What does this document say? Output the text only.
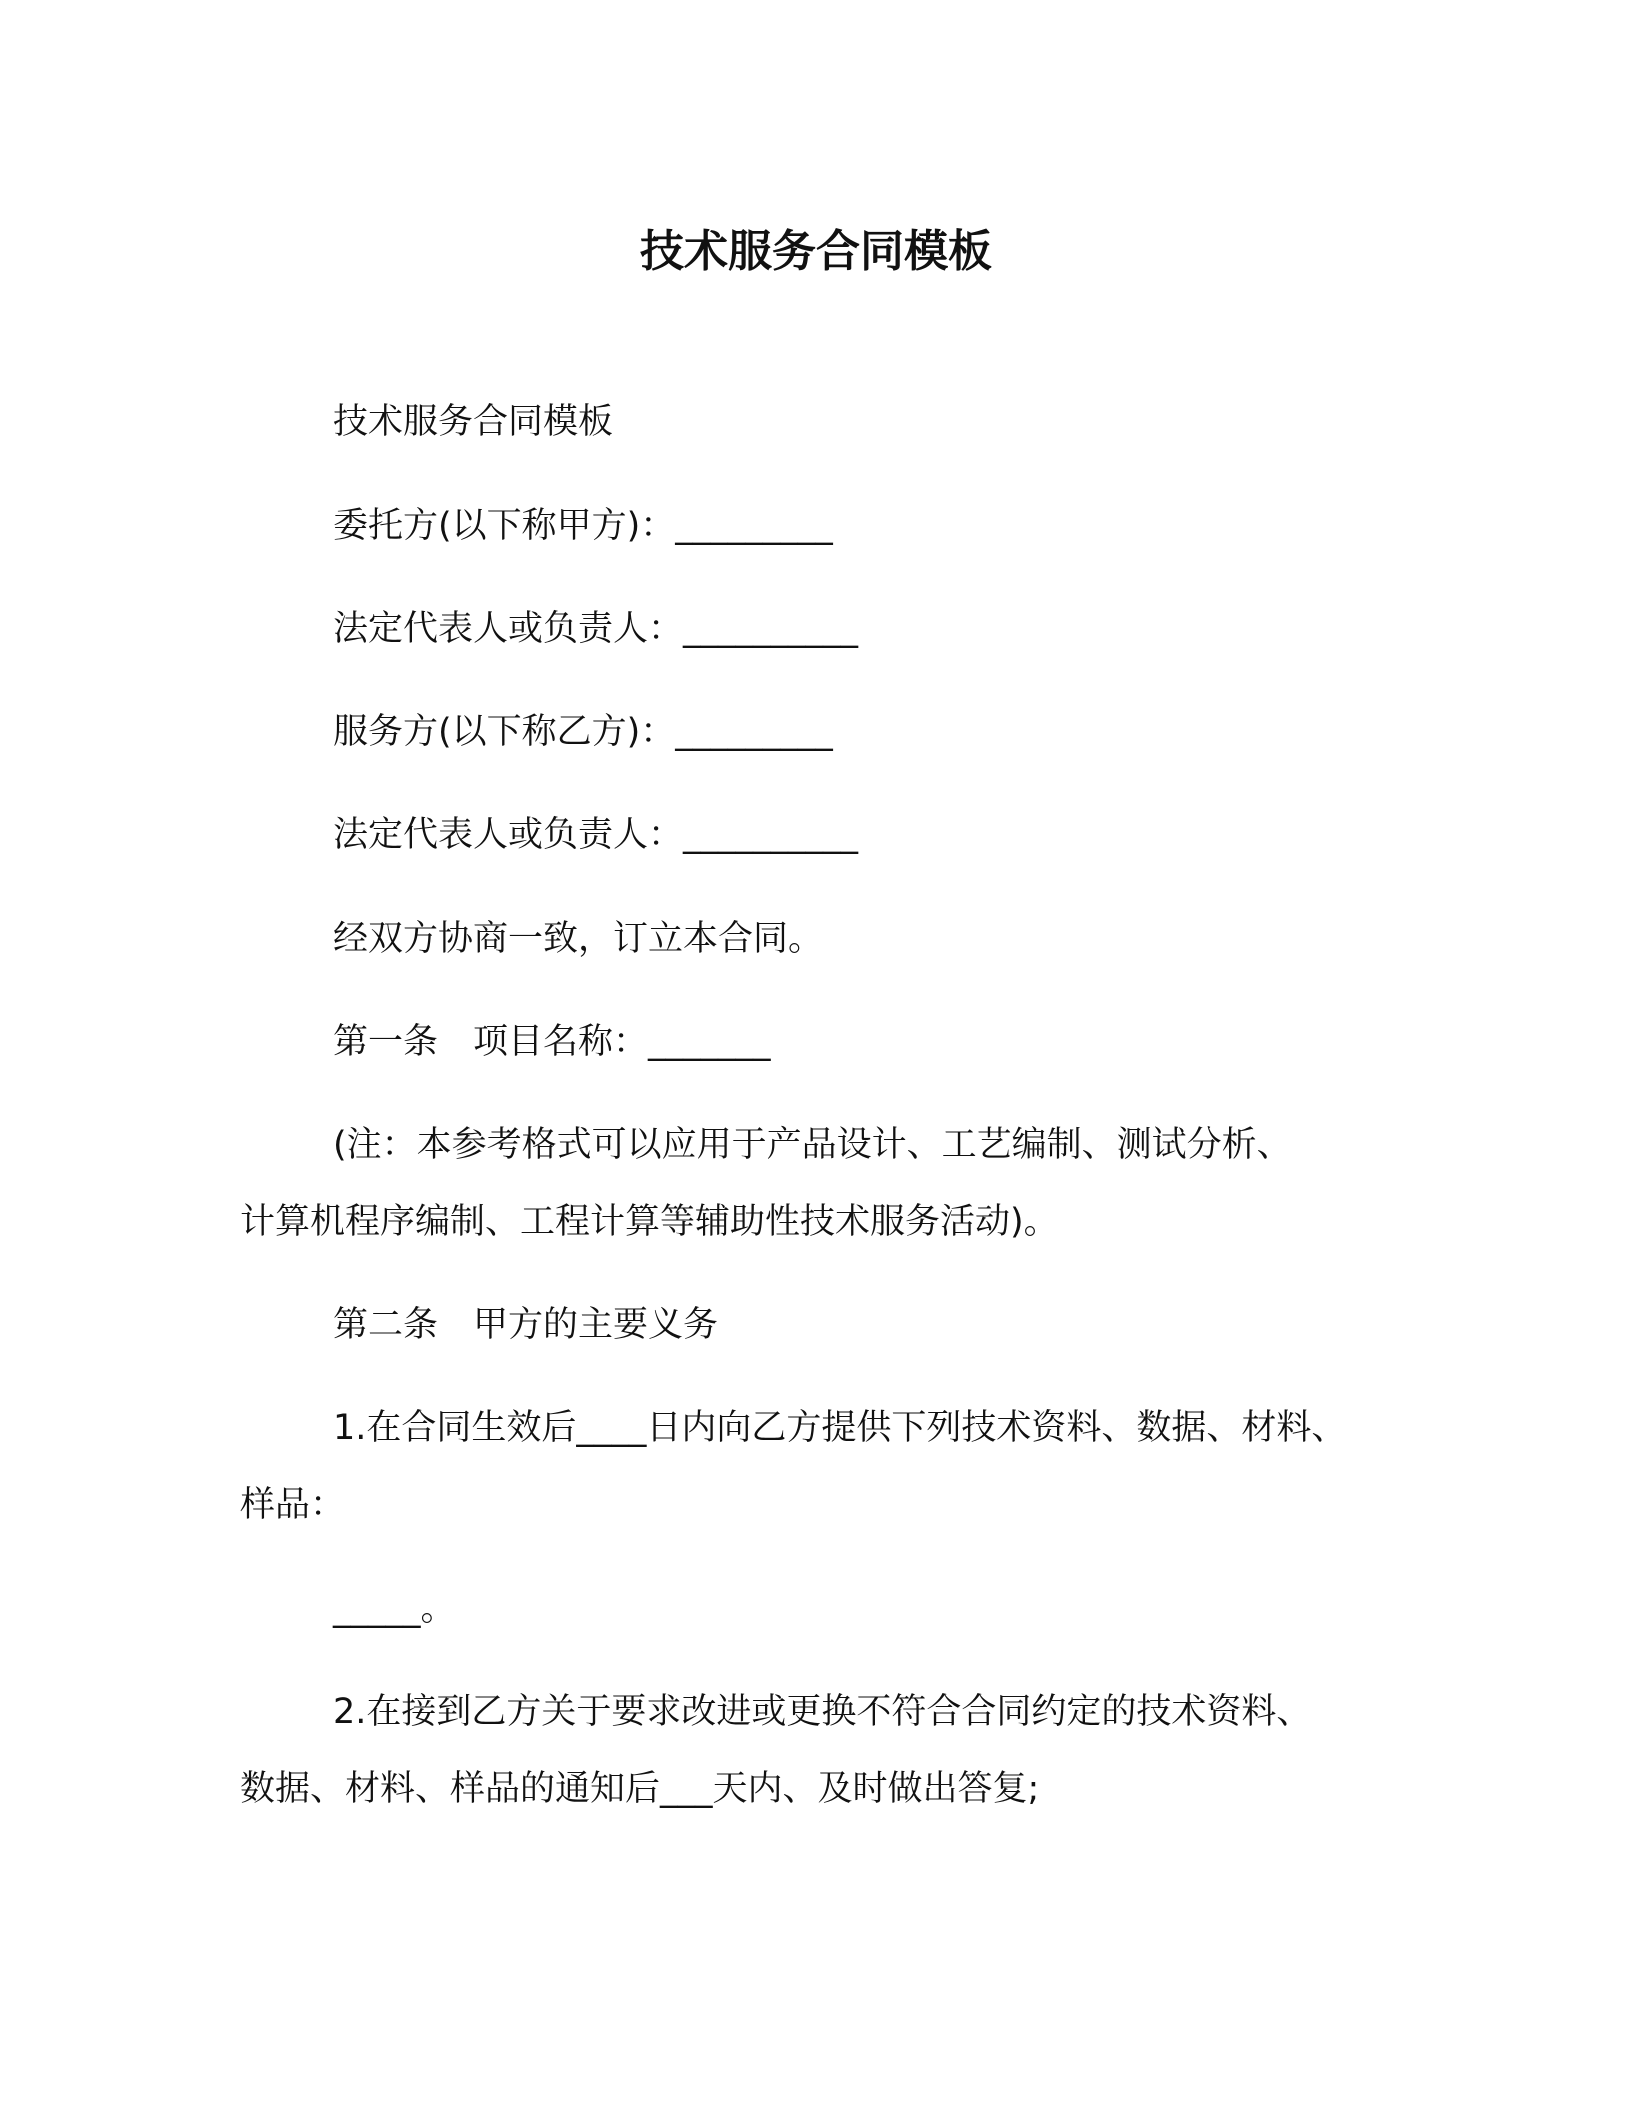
技术服务合同模板
技术服务合同模板
委托方(以下称甲方)：_________
法定代表人或负责人：__________
服务方(以下称乙方)：_________
法定代表人或负责人：__________
经双方协商一致，订立本合同。
第一条　项目名称：_______
(注：本参考格式可以应用于产品设计、工艺编制、测试分析、
计算机程序编制、工程计算等辅助性技术服务活动)。
第二条　甲方的主要义务
1.在合同生效后____日内向乙方提供下列技术资料、数据、材料、
样品：
_____。
2.在接到乙方关于要求改进或更换不符合合同约定的技术资料、
数据、材料、样品的通知后___天内、及时做出答复;
